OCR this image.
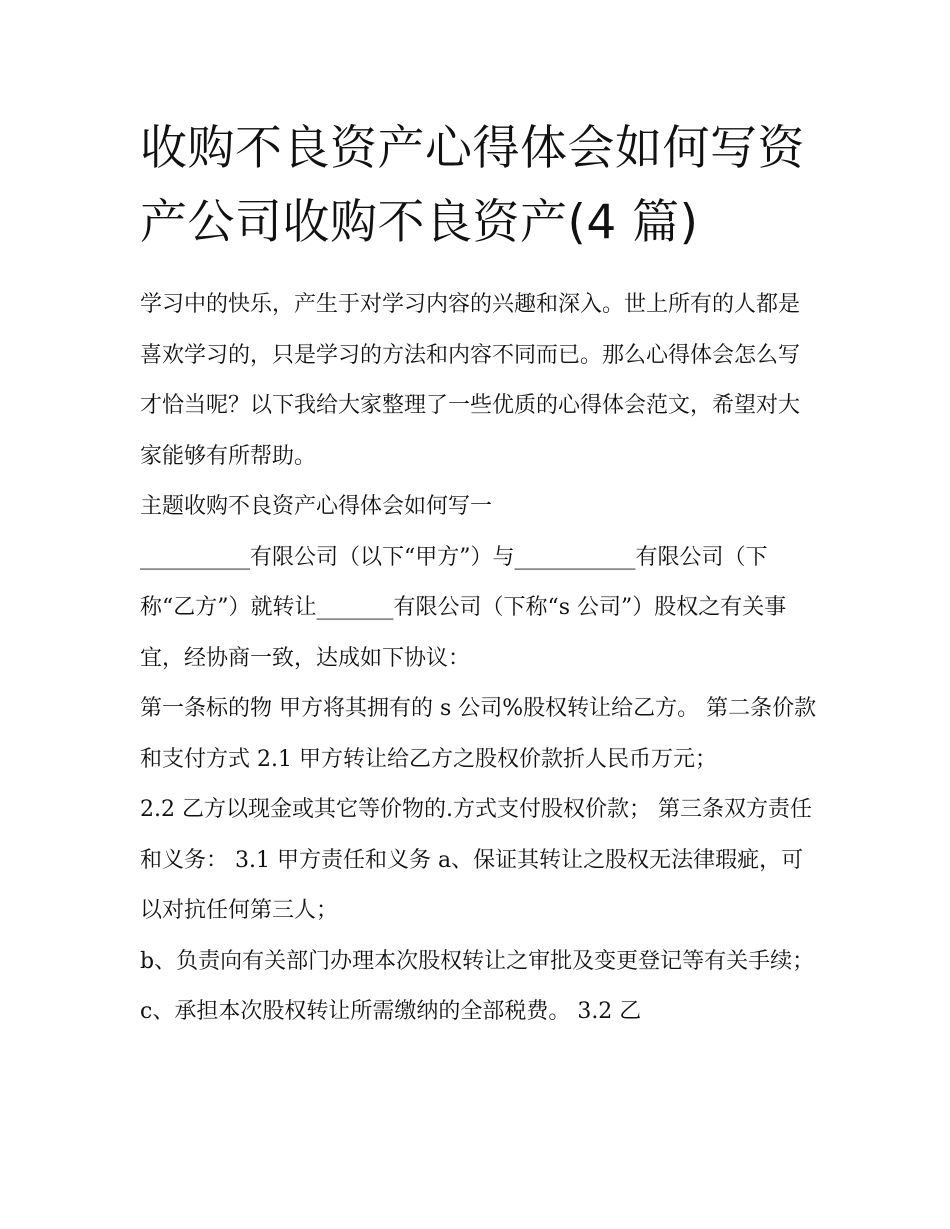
收购不良资产心得体会如何写资产公司收购不良资产(4 篇)

学习中的快乐，产生于对学习内容的兴趣和深入。世上所有的人都是喜欢学习的，只是学习的方法和内容不同而已。那么心得体会怎么写才恰当呢？以下我给大家整理了一些优质的心得体会范文，希望对大家能够有所帮助。

主题收购不良资产心得体会如何写一

__________有限公司（以下“甲方”）与___________有限公司（下称“乙方”）就转让_______有限公司（下称“s 公司”）股权之有关事宜，经协商一致，达成如下协议：

第一条标的物 甲方将其拥有的 s 公司%股权转让给乙方。 第二条价款和支付方式 2.1 甲方转让给乙方之股权价款折人民币万元；

2.2 乙方以现金或其它等价物的.方式支付股权价款； 第三条双方责任和义务： 3.1 甲方责任和义务 a、保证其转让之股权无法律瑕疵，可以对抗任何第三人；

b、负责向有关部门办理本次股权转让之审批及变更登记等有关手续； c、承担本次股权转让所需缴纳的全部税费。 3.2 乙
